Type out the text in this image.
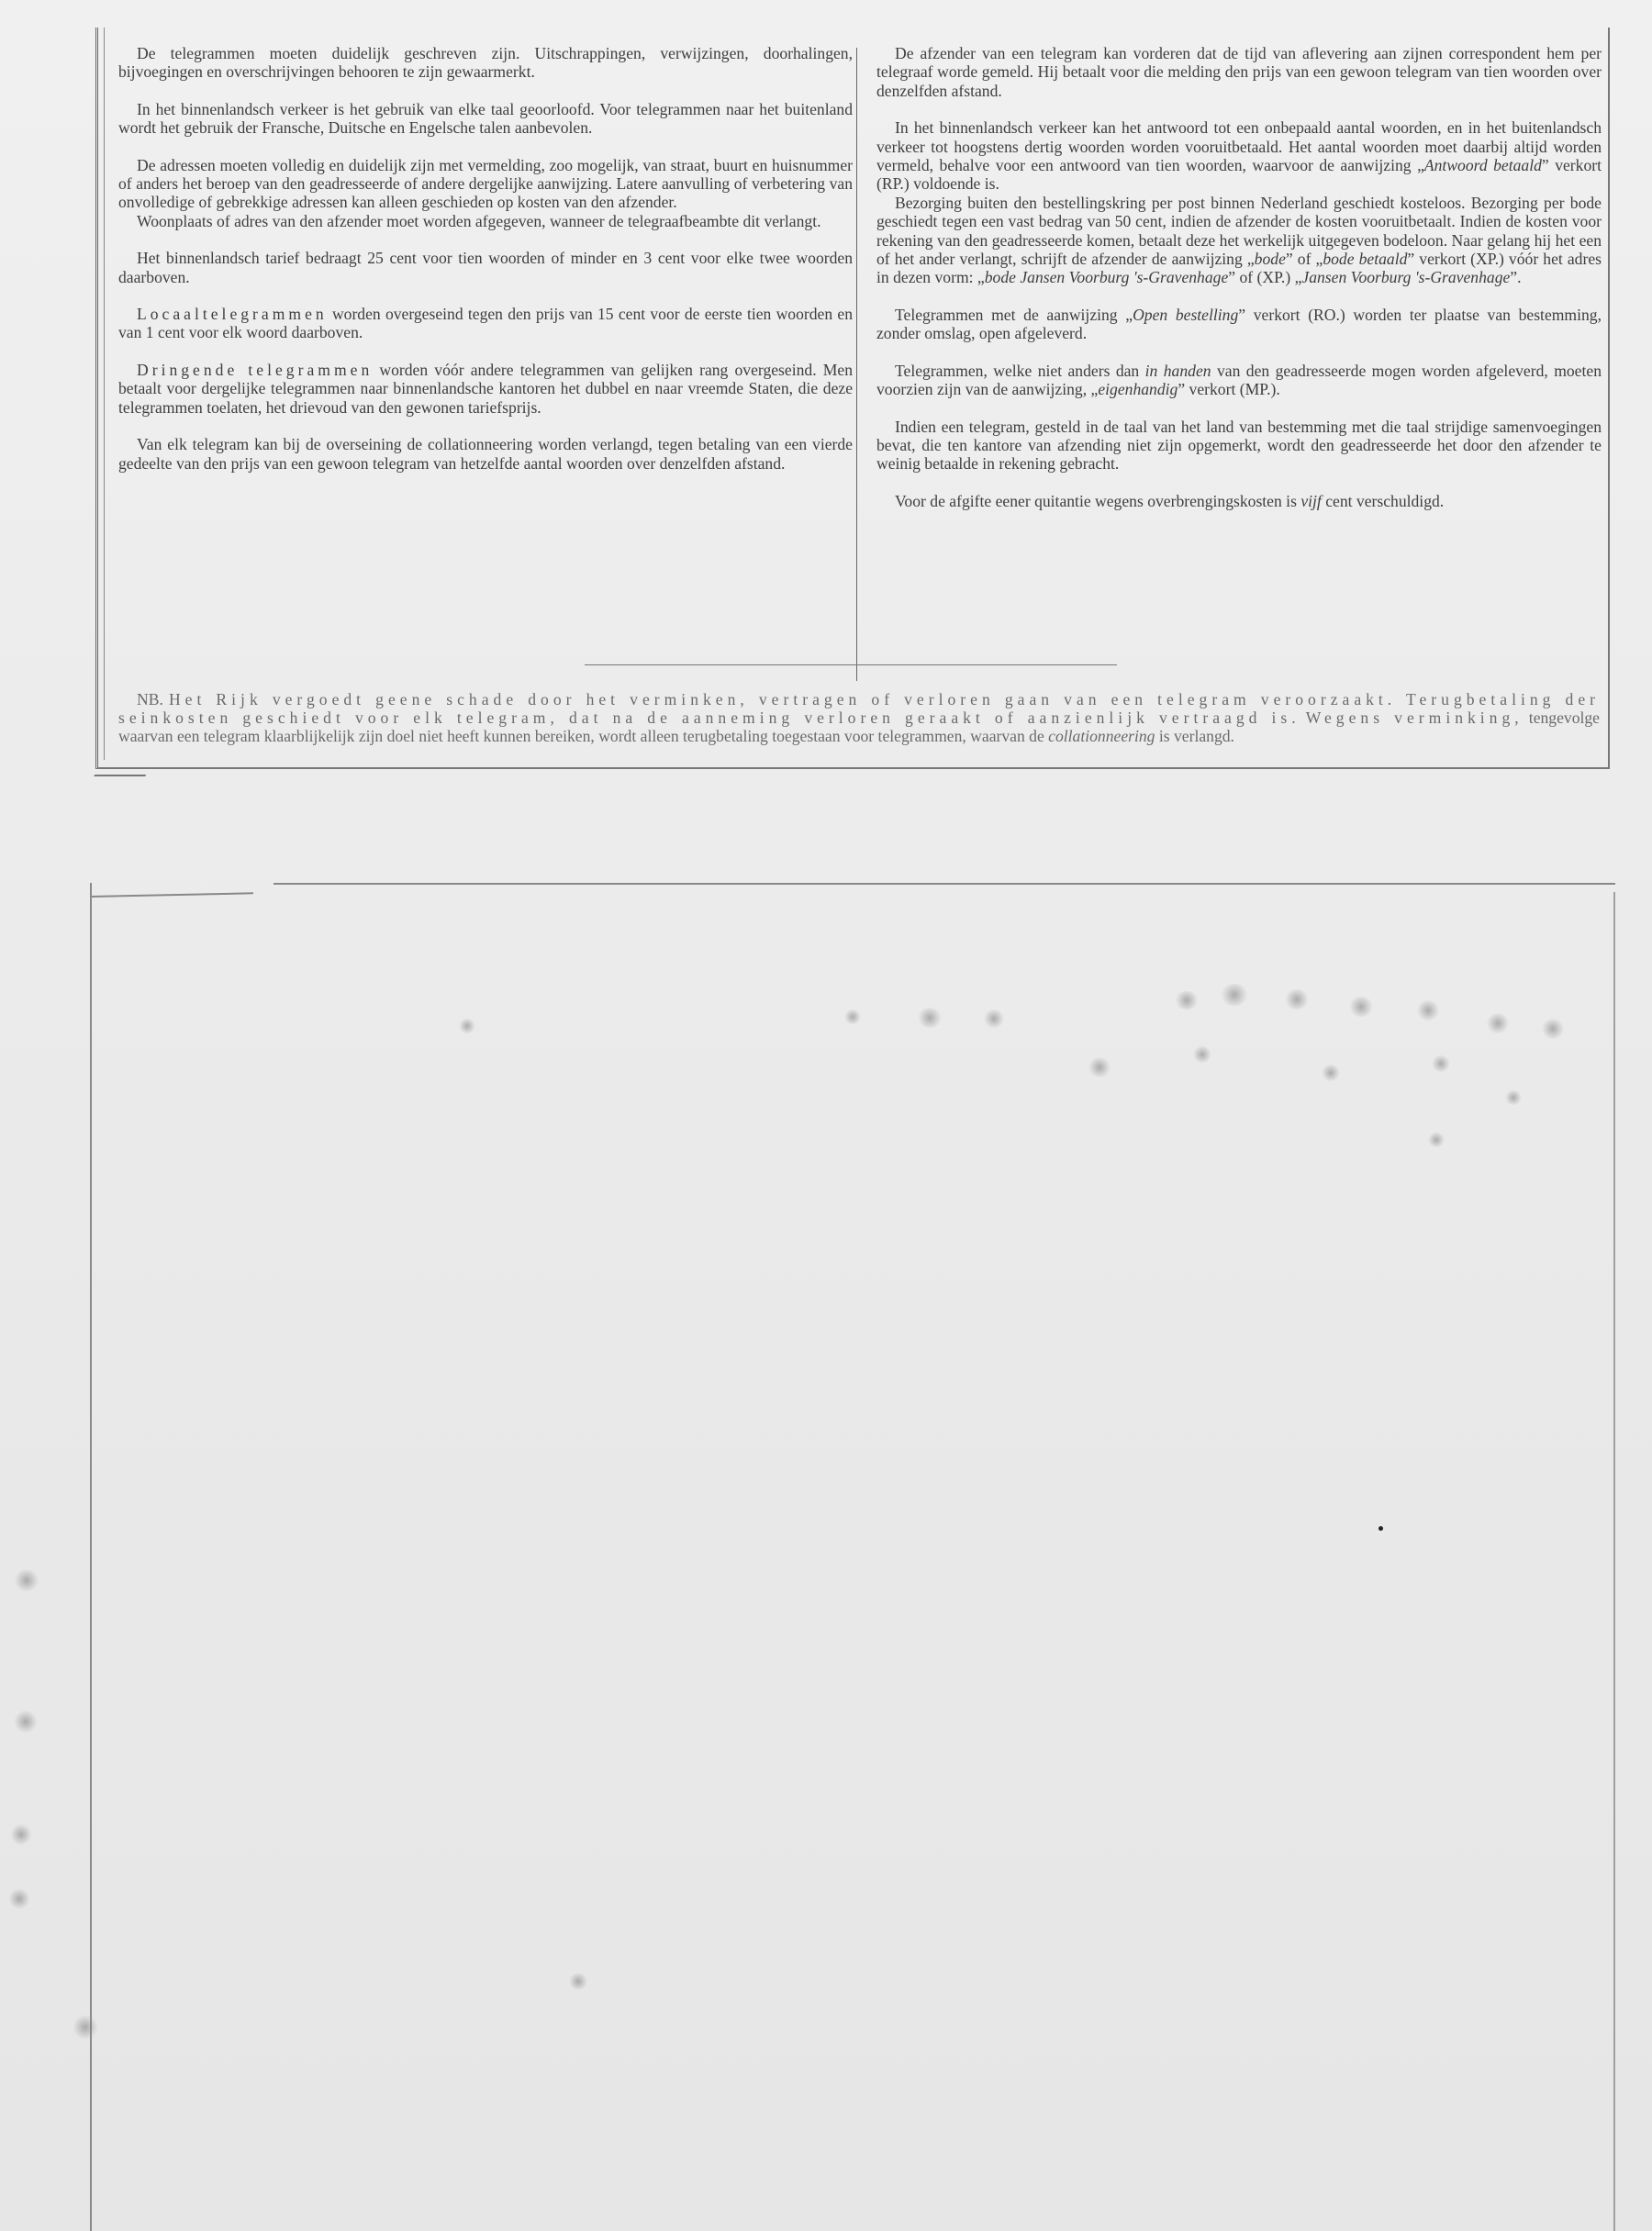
De telegrammen moeten duidelijk geschreven zijn. Uitschrappingen, verwijzingen, doorhalingen, bijvoegingen en overschrijvingen behooren te zijn gewaarmerkt.

In het binnenlandsch verkeer is het gebruik van elke taal geoorloofd. Voor telegrammen naar het buitenland wordt het gebruik der Fransche, Duitsche en Engelsche talen aanbevolen.

De adressen moeten volledig en duidelijk zijn met vermelding, zoo mogelijk, van straat, buurt en huisnummer of anders het beroep van den geadresseerde of andere dergelijke aanwijzing. Latere aanvulling of verbetering van onvolledige of gebrekkige adressen kan alleen geschieden op kosten van den afzender.

Woonplaats of adres van den afzender moet worden afgegeven, wanneer de telegraafbeambte dit verlangt.

Het binnenlandsch tarief bedraagt 25 cent voor tien woorden of minder en 3 cent voor elke twee woorden daarboven.

Locaaltelegrammen worden overgeseind tegen den prijs van 15 cent voor de eerste tien woorden en van 1 cent voor elk woord daarboven.

Dringende telegrammen worden vóór andere telegrammen van gelijken rang overgeseind. Men betaalt voor dergelijke telegrammen naar binnenlandsche kantoren het dubbel en naar vreemde Staten, die deze telegrammen toelaten, het drievoud van den gewonen tariefsprijs.

Van elk telegram kan bij de overseining de collationneering worden verlangd, tegen betaling van een vierde gedeelte van den prijs van een gewoon telegram van hetzelfde aantal woorden over denzelfden afstand.

De afzender van een telegram kan vorderen dat de tijd van aflevering aan zijnen correspondent hem per telegraaf worde gemeld. Hij betaalt voor die melding den prijs van een gewoon telegram van tien woorden over denzelfden afstand.

In het binnenlandsch verkeer kan het antwoord tot een onbepaald aantal woorden, en in het buitenlandsch verkeer tot hoogstens dertig woorden worden vooruitbetaald. Het aantal woorden moet daarbij altijd worden vermeld, behalve voor een antwoord van tien woorden, waarvoor de aanwijzing „Antwoord betaald” verkort (RP.) voldoende is.

Bezorging buiten den bestellingskring per post binnen Nederland geschiedt kosteloos. Bezorging per bode geschiedt tegen een vast bedrag van 50 cent, indien de afzender de kosten vooruitbetaalt. Indien de kosten voor rekening van den geadresseerde komen, betaalt deze het werkelijk uitgegeven bodeloon. Naar gelang hij het een of het ander verlangt, schrijft de afzender de aanwijzing „bode” of „bode betaald” verkort (XP.) vóór het adres in dezen vorm: „bode Jansen Voorburg 's-Gravenhage” of (XP.) „Jansen Voorburg 's-Gravenhage”.

Telegrammen met de aanwijzing „Open bestelling” verkort (RO.) worden ter plaatse van bestemming, zonder omslag, open afgeleverd.

Telegrammen, welke niet anders dan in handen van den geadresseerde mogen worden afgeleverd, moeten voorzien zijn van de aanwijzing, „eigenhandig” verkort (MP.).

Indien een telegram, gesteld in de taal van het land van bestemming met die taal strijdige samenvoegingen bevat, die ten kantore van afzending niet zijn opgemerkt, wordt den geadresseerde het door den afzender te weinig betaalde in rekening gebracht.

Voor de afgifte eener quitantie wegens overbrengingskosten is vijf cent verschuldigd.

NB. Het Rijk vergoedt geene schade door het verminken, vertragen of verloren gaan van een telegram veroorzaakt. Terugbetaling der seinkosten geschiedt voor elk telegram, dat na de aanneming verloren geraakt of aanzienlijk vertraagd is. Wegens verminking, tengevolge waarvan een telegram klaarblijkelijk zijn doel niet heeft kunnen bereiken, wordt alleen terugbetaling toegestaan voor telegrammen, waarvan de collationneering is verlangd.
